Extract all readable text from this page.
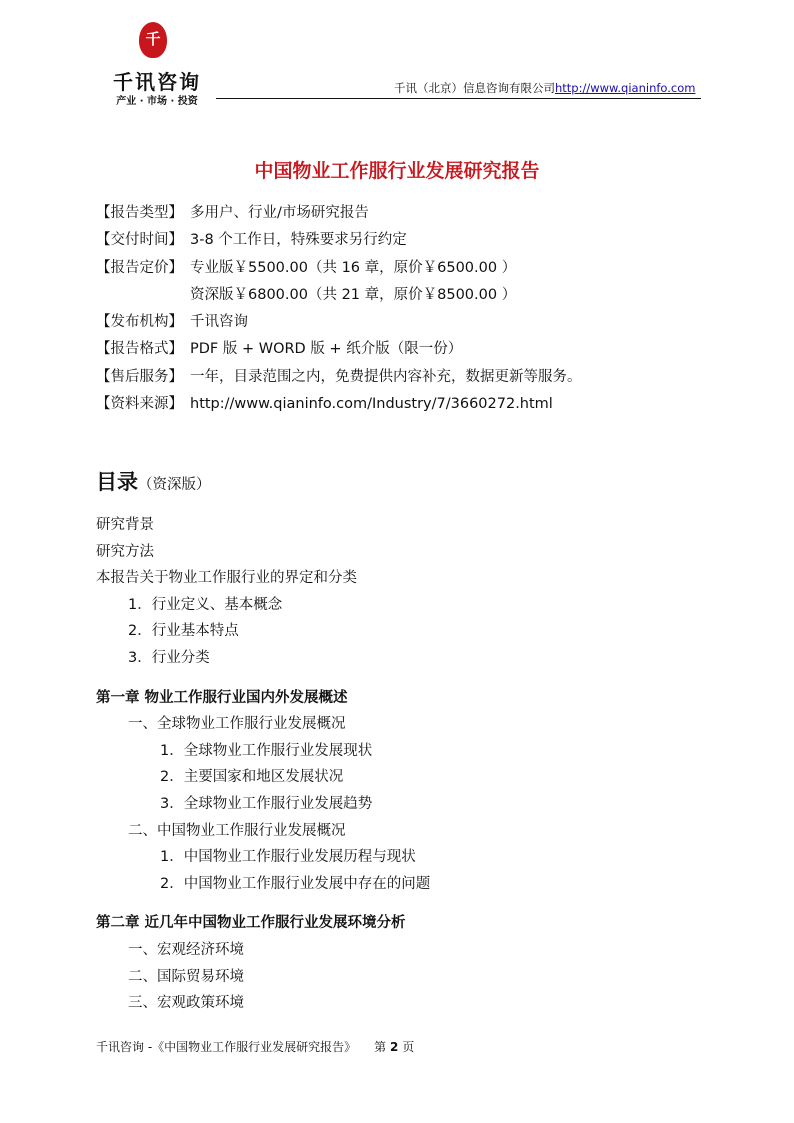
千
千讯咨询
产业 · 市场 · 投资
千讯（北京）信息咨询有限公司http://www.qianinfo.com
中国物业工作服行业发展研究报告
【报告类型】 多用户、行业/市场研究报告
【交付时间】 3-8 个工作日，特殊要求另行约定
【报告定价】 专业版￥5500.00（共 16 章，原价￥6500.00 ）
资深版￥6800.00（共 21 章，原价￥8500.00 ）
【发布机构】 千讯咨询
【报告格式】 PDF 版 + WORD 版 + 纸介版（限一份）
【售后服务】 一年，目录范围之内，免费提供内容补充，数据更新等服务。
【资料来源】 http://www.qianinfo.com/Industry/7/3660272.html
目录（资深版）
研究背景
研究方法
本报告关于物业工作服行业的界定和分类
1．行业定义、基本概念
2．行业基本特点
3．行业分类
第一章 物业工作服行业国内外发展概述
一、全球物业工作服行业发展概况
1．全球物业工作服行业发展现状
2．主要国家和地区发展状况
3．全球物业工作服行业发展趋势
二、中国物业工作服行业发展概况
1．中国物业工作服行业发展历程与现状
2．中国物业工作服行业发展中存在的问题
第二章 近几年中国物业工作服行业发展环境分析
一、宏观经济环境
二、国际贸易环境
三、宏观政策环境
千讯咨询 -《中国物业工作服行业发展研究报告》 第 2 页
